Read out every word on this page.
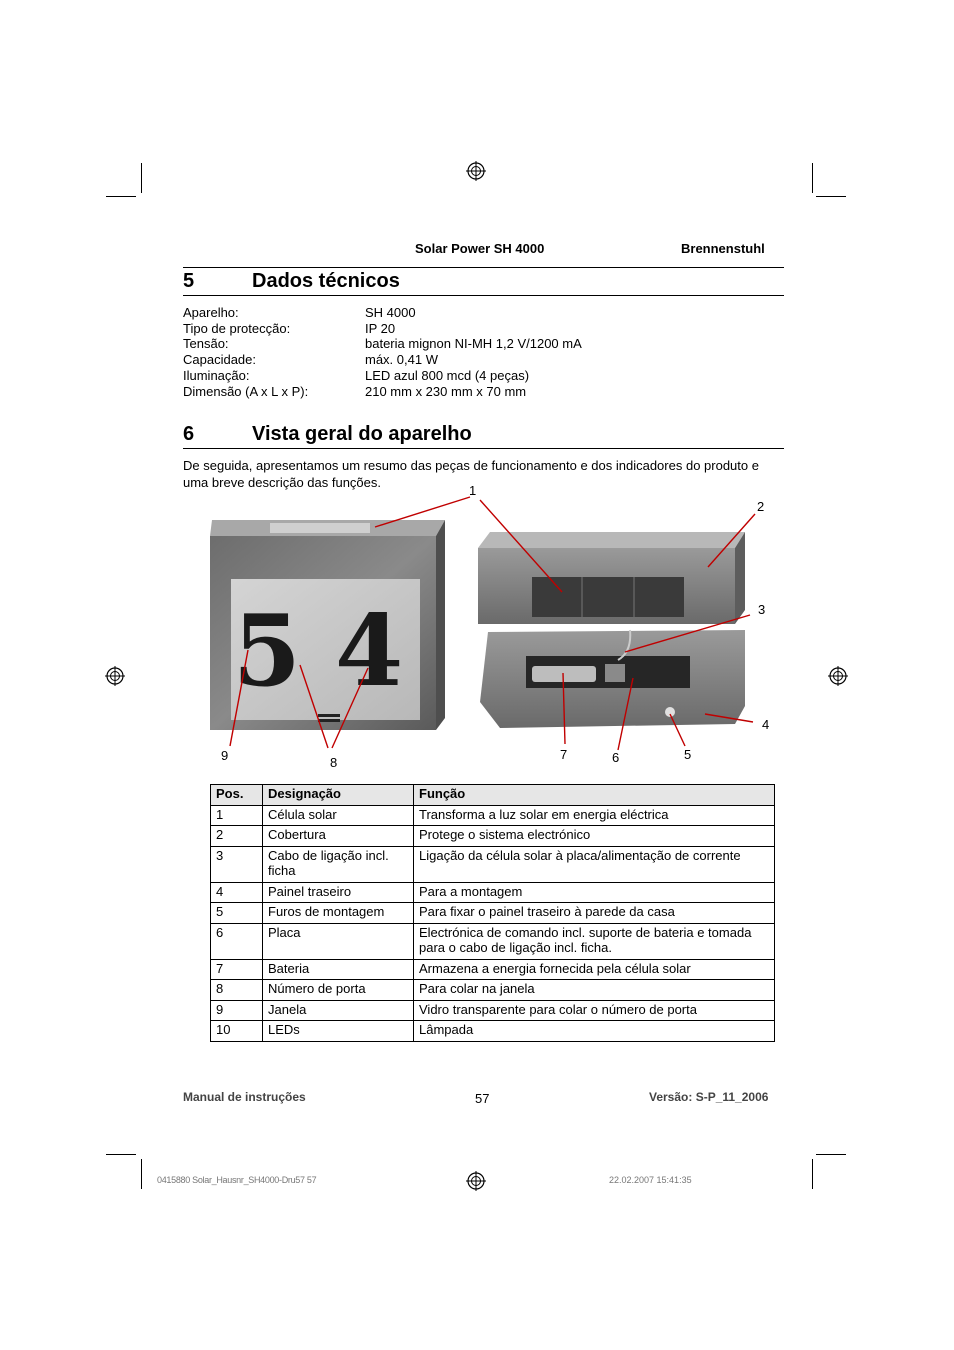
Solar Power SH 4000	Brennenstuhl
5	Dados técnicos
Aparelho:	SH 4000
Tipo de protecção:	IP 20
Tensão:	bateria mignon NI-MH 1,2 V/1200 mA
Capacidade:	máx. 0,41 W
Iluminação:	LED azul 800 mcd (4 peças)
Dimensão (A x L x P):	210 mm x 230 mm x 70 mm
6	Vista geral do aparelho
De seguida, apresentamos um resumo das peças de funcionamento e dos indicadores do produto e uma breve descrição das funções.
5 4
1
2
3
4
5
6
7
8
9
Pos.	Designação	Função
1	Célula solar	Transforma a luz solar em energia eléctrica
2	Cobertura	Protege o sistema electrónico
3	Cabo de ligação incl. ficha	Ligação da célula solar à placa/alimentação de corrente
4	Painel traseiro	Para a montagem
5	Furos de montagem	Para fixar o painel traseiro à parede da casa
6	Placa	Electrónica de comando incl. suporte de bateria e tomada para o cabo de ligação incl. ficha.
7	Bateria	Armazena a energia fornecida pela célula solar
8	Número de porta	Para colar na janela
9	Janela	Vidro transparente para colar o número de porta
10	LEDs	Lâmpada
Manual de instruções	57	Versão: S-P_11_2006
0415880 Solar_Hausnr_SH4000-Dru57 57	22.02.2007 15:41:35
